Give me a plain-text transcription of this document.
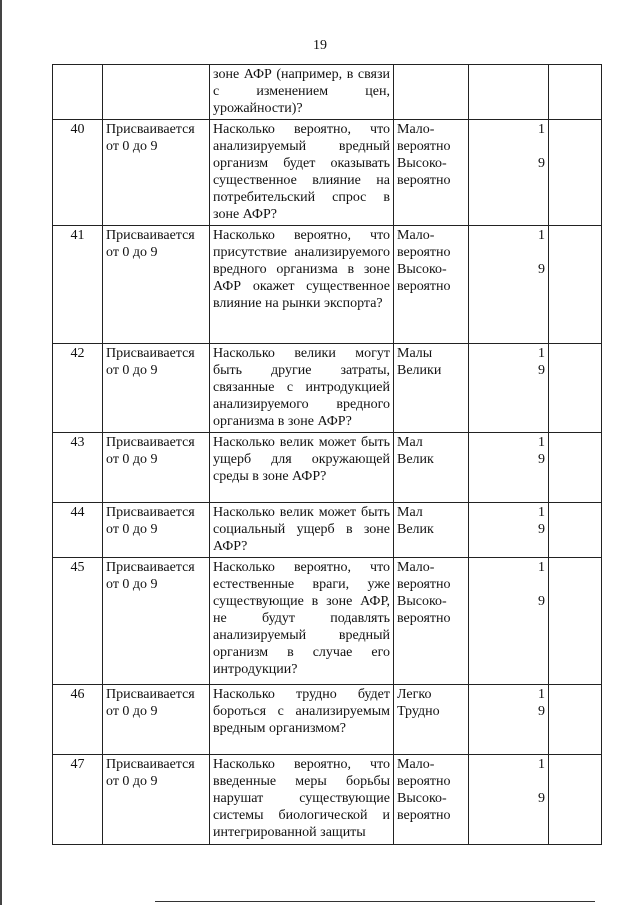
19
		зоне АФР (например, в связи с изменением цен, урожайности)?			
40	Присваивается от 0 до 9	Насколько вероятно, что анализируемый вредный организм будет оказывать существенное влияние на потребительский спрос в зоне АФР?	Мало-
вероятно
Высоко-
вероятно	1
9	

41	Присваивается от 0 до 9	Насколько вероятно, что присутствие анализируемого вредного организма в зоне АФР окажет существенное влияние на рынки экспорта?	Мало-
вероятно
Высоко-
вероятно	1
9	

42	Присваивается от 0 до 9	Насколько велики могут быть другие затраты, связанные с интродукцией анализируемого вредного организма в зоне АФР?	Малы
Велики	1
9	

43	Присваивается от 0 до 9	Насколько велик может быть ущерб для окружающей среды в зоне АФР?	Мал
Велик	1
9	

44	Присваивается от 0 до 9	Насколько велик может быть социальный ущерб в зоне АФР?	Мал
Велик	1
9	

45	Присваивается от 0 до 9	Насколько вероятно, что естественные враги, уже существующие в зоне АФР, не будут подавлять анализируемый вредный организм в случае его интродукции?	Мало-
вероятно
Высоко-
вероятно	1
9	

46	Присваивается от 0 до 9	Насколько трудно будет бороться с анализируемым вредным организмом?	Легко
Трудно	1
9	

47	Присваивается от 0 до 9	Насколько вероятно, что введенные меры борьбы нарушат существующие системы биологической и интегрированной защиты	Мало-
вероятно
Высоко-
вероятно	1
9	
